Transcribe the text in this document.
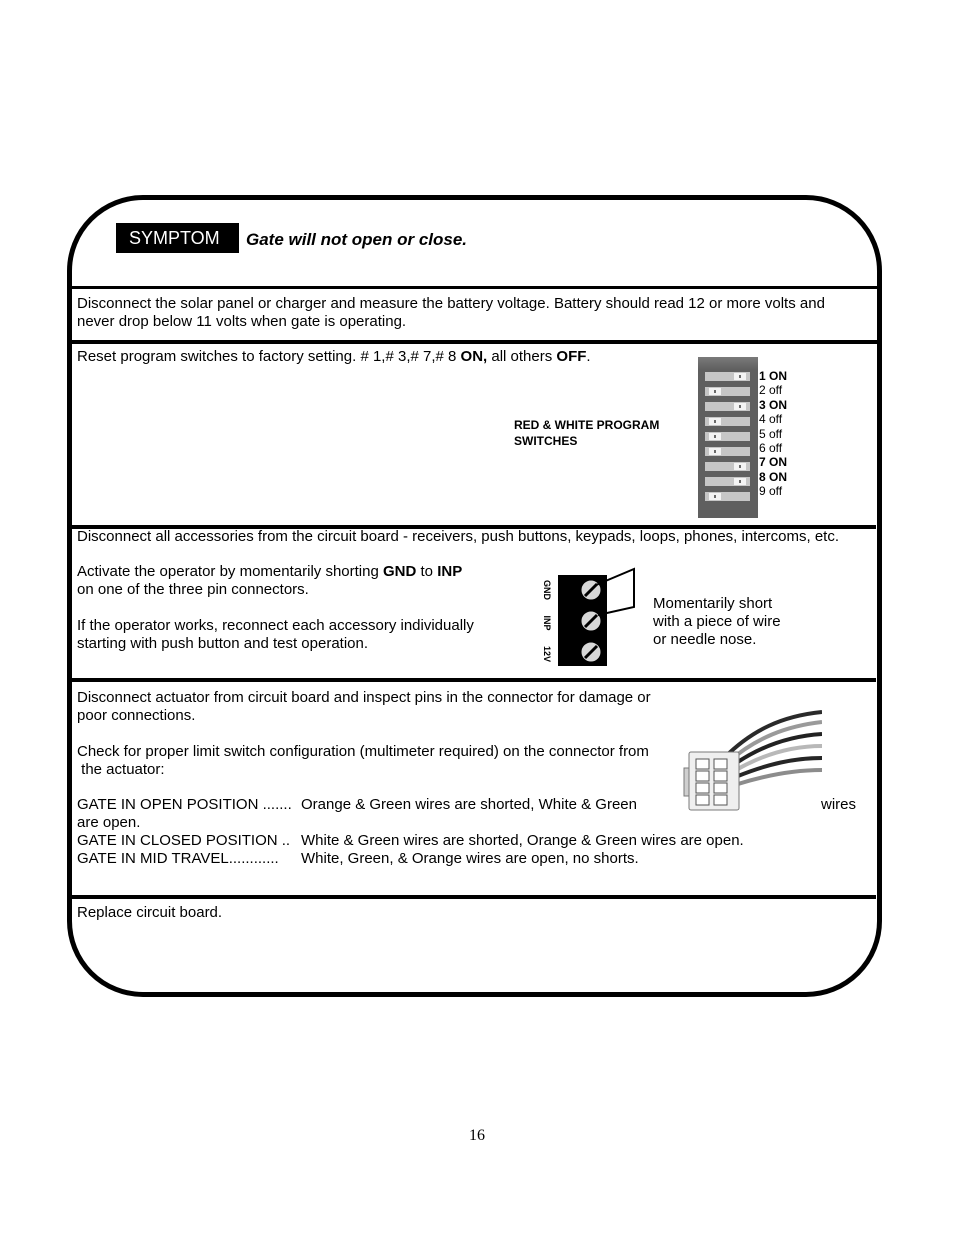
SYMPTOM	Gate will not open or close.
Disconnect the solar panel or charger and measure the battery voltage. Battery should read 12 or more volts and
never drop below 11 volts when gate is operating.
Reset program switches to factory setting. # 1,# 3,# 7,# 8 ON, all others OFF.
RED & WHITE PROGRAM
SWITCHES
1 ON
2 off
3 ON
4 off
5 off
6 off
7 ON
8 ON
9 off
Disconnect all accessories from the circuit board - receivers, push buttons, keypads, loops, phones, intercoms, etc.
Activate the operator by momentarily shorting GND to INP
on one of the three pin connectors.
If the operator works, reconnect each accessory individually
starting with push button and test operation.
GND
INP
12V
Momentarily short
with a piece of wire
or needle nose.
Disconnect actuator from circuit board and inspect pins in the connector for damage or
poor connections.
Check for proper limit switch configuration (multimeter required) on the connector from
the actuator:
GATE IN OPEN POSITION ....... Orange & Green wires are shorted, White & Green	wires
are open.
GATE IN CLOSED POSITION .. White & Green wires are shorted, Orange & Green wires are open.
GATE IN MID TRAVEL............ White, Green, & Orange wires are open, no shorts.
Replace circuit board.
16
